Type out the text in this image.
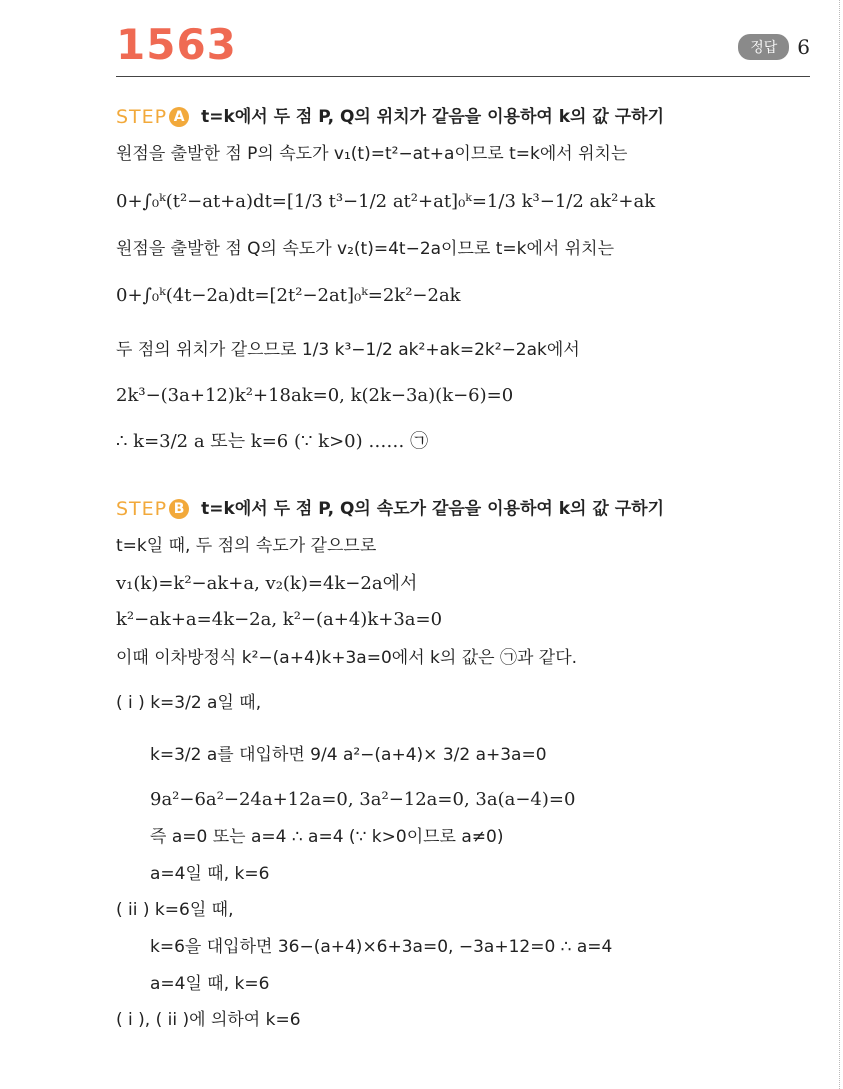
1563	정답	6
STEP A t=k에서 두 점 P, Q의 위치가 같음을 이용하여 k의 값 구하기
원점을 출발한 점 P의 속도가 v₁(t)=t²−at+a이므로 t=k에서 위치는
0+∫₀ᵏ(t²−at+a)dt=[1/3 t³−1/2 at²+at]₀ᵏ=1/3 k³−1/2 ak²+ak
원점을 출발한 점 Q의 속도가 v₂(t)=4t−2a이므로 t=k에서 위치는
0+∫₀ᵏ(4t−2a)dt=[2t²−2at]₀ᵏ=2k²−2ak
두 점의 위치가 같으므로 1/3 k³−1/2 ak²+ak=2k²−2ak에서
2k³−(3a+12)k²+18ak=0, k(2k−3a)(k−6)=0
∴ k=3/2 a 또는 k=6 (∵ k>0) …… ㉠
STEP B t=k에서 두 점 P, Q의 속도가 같음을 이용하여 k의 값 구하기
t=k일 때, 두 점의 속도가 같으므로
v₁(k)=k²−ak+a, v₂(k)=4k−2a에서
k²−ak+a=4k−2a, k²−(a+4)k+3a=0
이때 이차방정식 k²−(a+4)k+3a=0에서 k의 값은 ㉠과 같다.
( i ) k=3/2 a일 때,
k=3/2 a를 대입하면 9/4 a²−(a+4)× 3/2 a+3a=0
9a²−6a²−24a+12a=0, 3a²−12a=0, 3a(a−4)=0
즉 a=0 또는 a=4 ∴ a=4 (∵ k>0이므로 a≠0)
a=4일 때, k=6
( ii ) k=6일 때,
k=6을 대입하면 36−(a+4)×6+3a=0, −3a+12=0 ∴ a=4
a=4일 때, k=6
( i ), ( ii )에 의하여 k=6
